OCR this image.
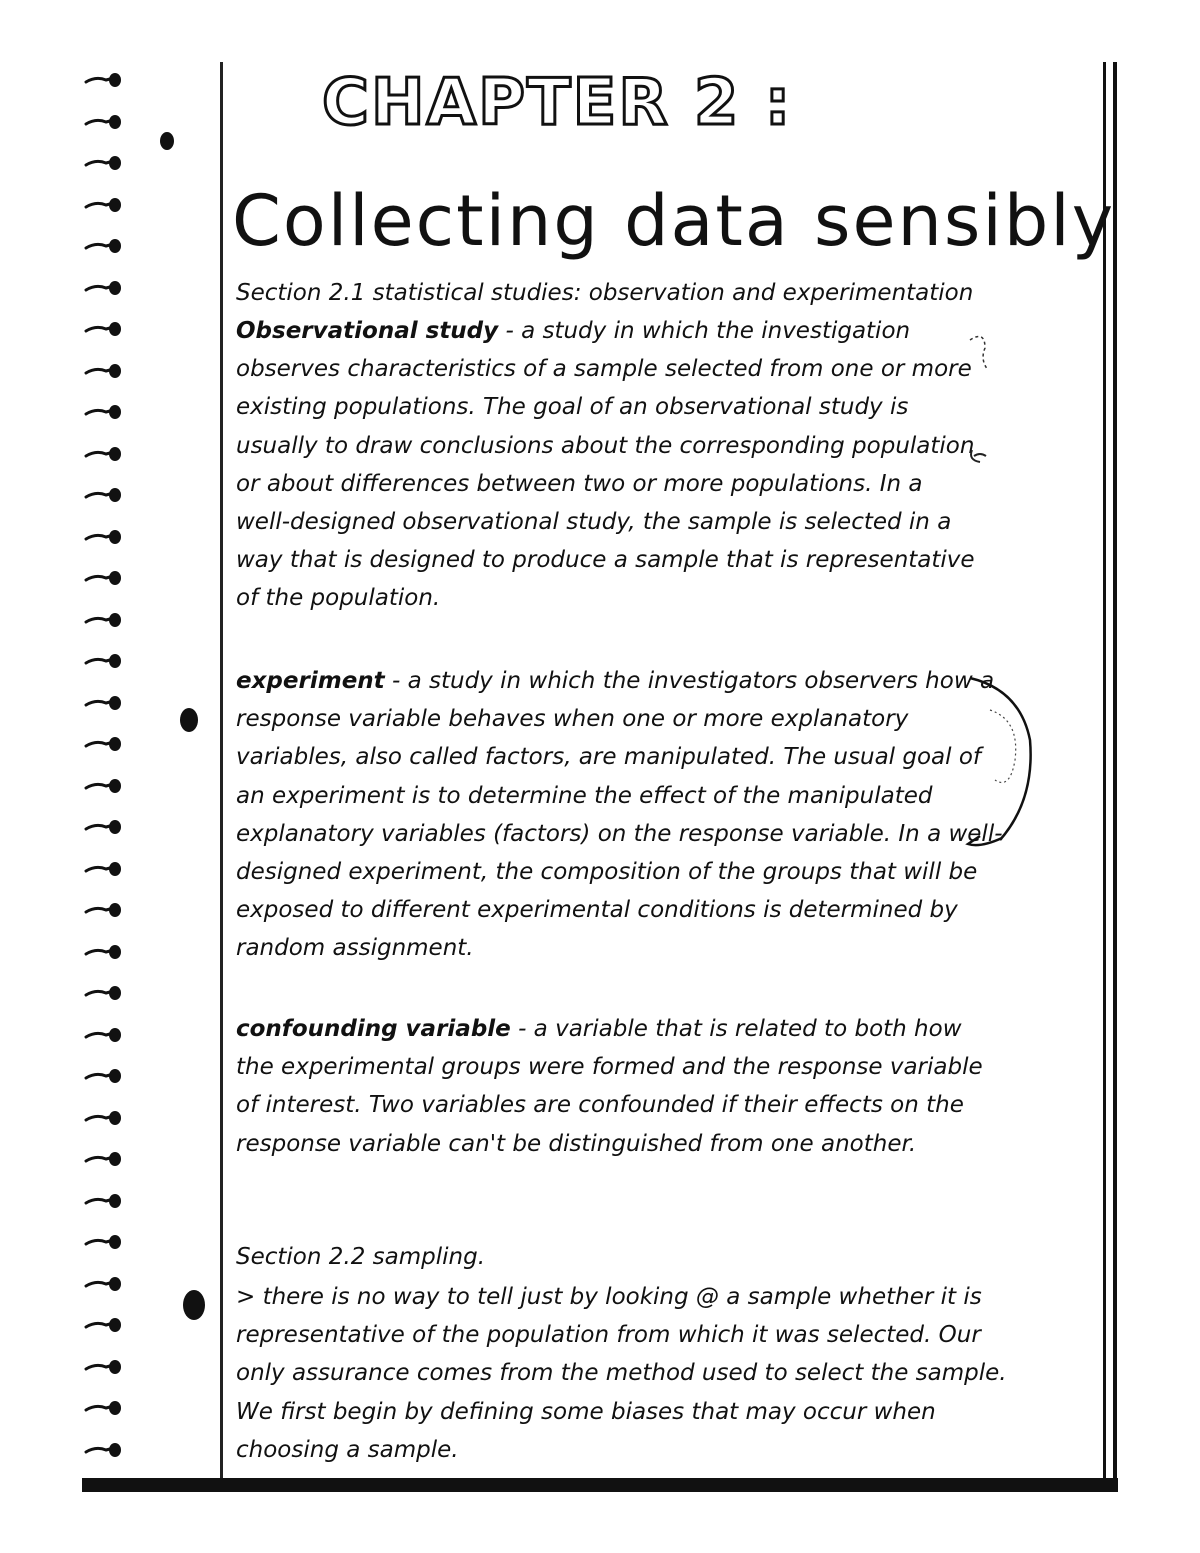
CHAPTER 2 :
Collecting data sensibly
Section 2.1 statistical studies: observation and experimentation
Observational study - a study in which the investigation observes characteristics of a sample selected from one or more existing populations. The goal of an observational study is usually to draw conclusions about the corresponding population or about differences between two or more populations. In a well-designed observational study, the sample is selected in a way that is designed to produce a sample that is representative of the population.
experiment - a study in which the investigators observers how a response variable behaves when one or more explanatory variables, also called factors, are manipulated. The usual goal of an experiment is to determine the effect of the manipulated explanatory variables (factors) on the response variable. In a well-designed experiment, the composition of the groups that will be exposed to different experimental conditions is determined by random assignment.
confounding variable - a variable that is related to both how the experimental groups were formed and the response variable of interest. Two variables are confounded if their effects on the response variable can't be distinguished from one another.
Section 2.2 sampling.
> there is no way to tell just by looking @ a sample whether it is representative of the population from which it was selected. Our only assurance comes from the method used to select the sample. We first begin by defining some biases that may occur when choosing a sample.
